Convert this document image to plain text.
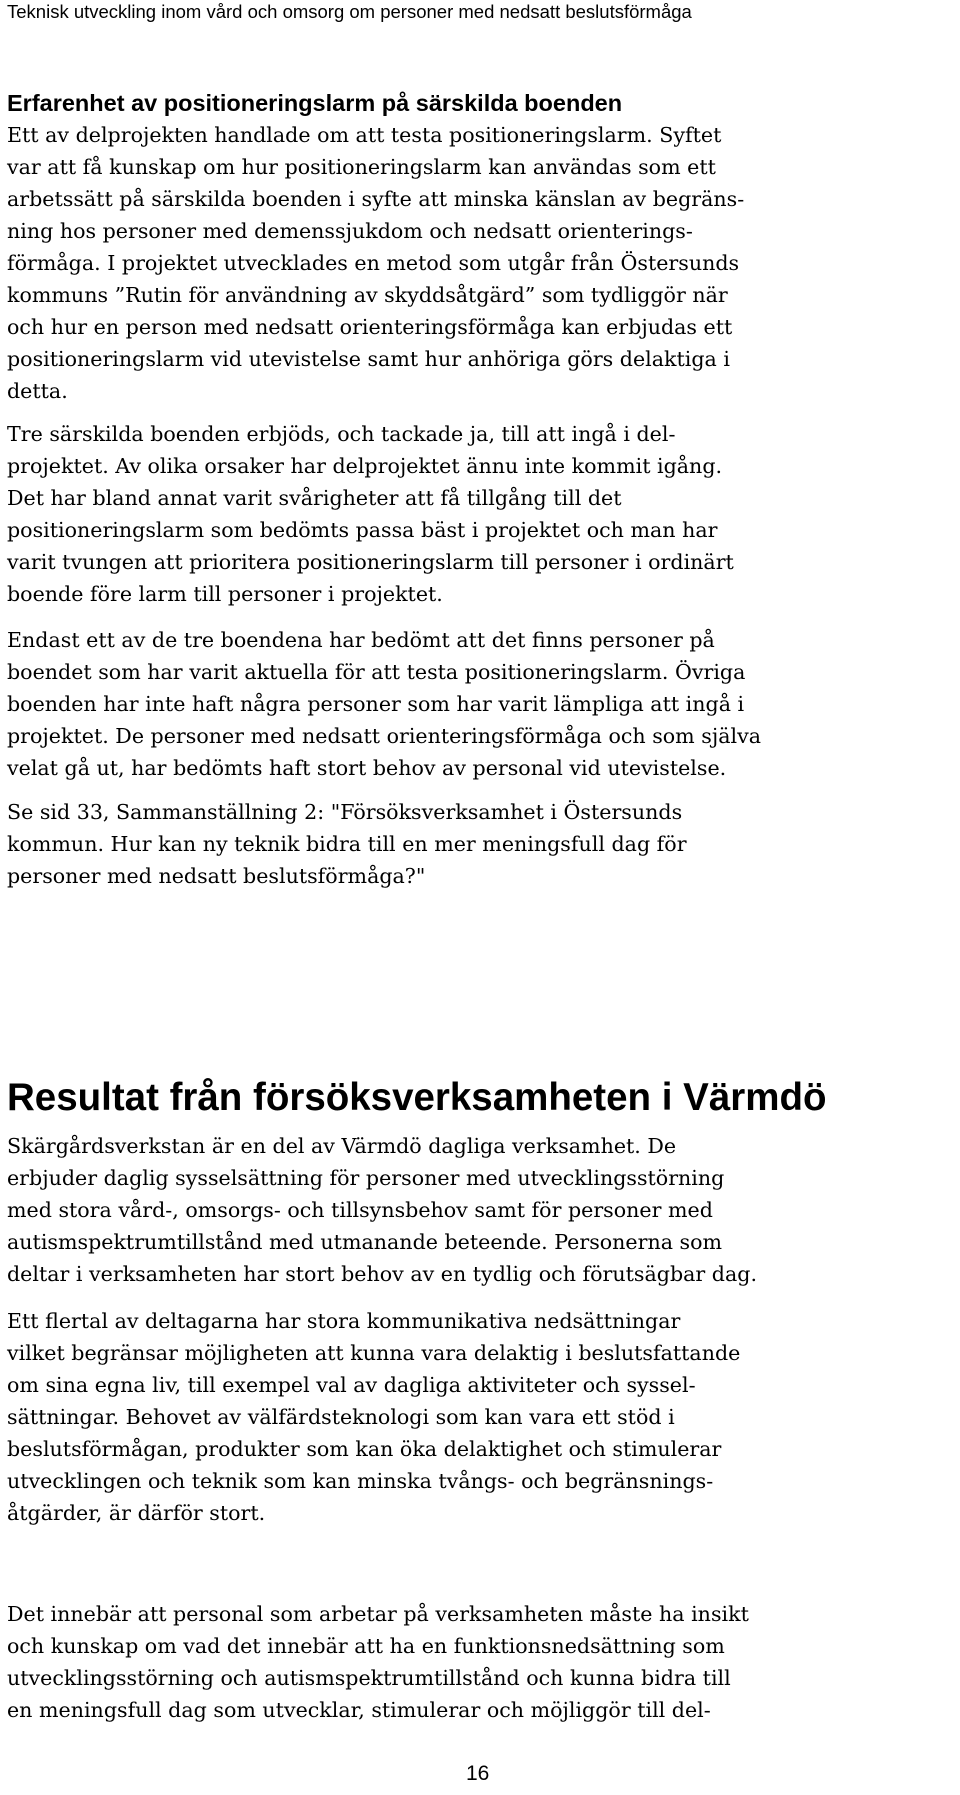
Teknisk utveckling inom vård och omsorg om personer med nedsatt beslutsförmåga
Erfarenhet av positioneringslarm på särskilda boenden
Ett av delprojekten handlade om att testa positioneringslarm. Syftet
var att få kunskap om hur positioneringslarm kan användas som ett
arbetssätt på särskilda boenden i syfte att minska känslan av begräns-
ning hos personer med demenssjukdom och nedsatt orienterings-
förmåga. I projektet utvecklades en metod som utgår från Östersunds
kommuns ”Rutin för användning av skyddsåtgärd” som tydliggör när
och hur en person med nedsatt orienteringsförmåga kan erbjudas ett
positioneringslarm vid utevistelse samt hur anhöriga görs delaktiga i
detta.
Tre särskilda boenden erbjöds, och tackade ja, till att ingå i del-
projektet. Av olika orsaker har delprojektet ännu inte kommit igång.
Det har bland annat varit svårigheter att få tillgång till det
positioneringslarm som bedömts passa bäst i projektet och man har
varit tvungen att prioritera positioneringslarm till personer i ordinärt
boende före larm till personer i projektet.
Endast ett av de tre boendena har bedömt att det finns personer på
boendet som har varit aktuella för att testa positioneringslarm. Övriga
boenden har inte haft några personer som har varit lämpliga att ingå i
projektet. De personer med nedsatt orienteringsförmåga och som själva
velat gå ut, har bedömts haft stort behov av personal vid utevistelse.
Se sid 33, Sammanställning 2: "Försöksverksamhet i Östersunds
kommun. Hur kan ny teknik bidra till en mer meningsfull dag för
personer med nedsatt beslutsförmåga?"
Resultat från försöksverksamheten i Värmdö
Skärgårdsverkstan är en del av Värmdö dagliga verksamhet. De
erbjuder daglig sysselsättning för personer med utvecklingsstörning
med stora vård-, omsorgs- och tillsynsbehov samt för personer med
autismspektrumtillstånd med utmanande beteende. Personerna som
deltar i verksamheten har stort behov av en tydlig och förutsägbar dag.
Ett flertal av deltagarna har stora kommunikativa nedsättningar
vilket begränsar möjligheten att kunna vara delaktig i beslutsfattande
om sina egna liv, till exempel val av dagliga aktiviteter och syssel-
sättningar. Behovet av välfärdsteknologi som kan vara ett stöd i
beslutsförmågan, produkter som kan öka delaktighet och stimulerar
utvecklingen och teknik som kan minska tvångs- och begränsnings-
åtgärder, är därför stort.
Det innebär att personal som arbetar på verksamheten måste ha insikt
och kunskap om vad det innebär att ha en funktionsnedsättning som
utvecklingsstörning och autismspektrumtillstånd och kunna bidra till
en meningsfull dag som utvecklar, stimulerar och möjliggör till del-
16
